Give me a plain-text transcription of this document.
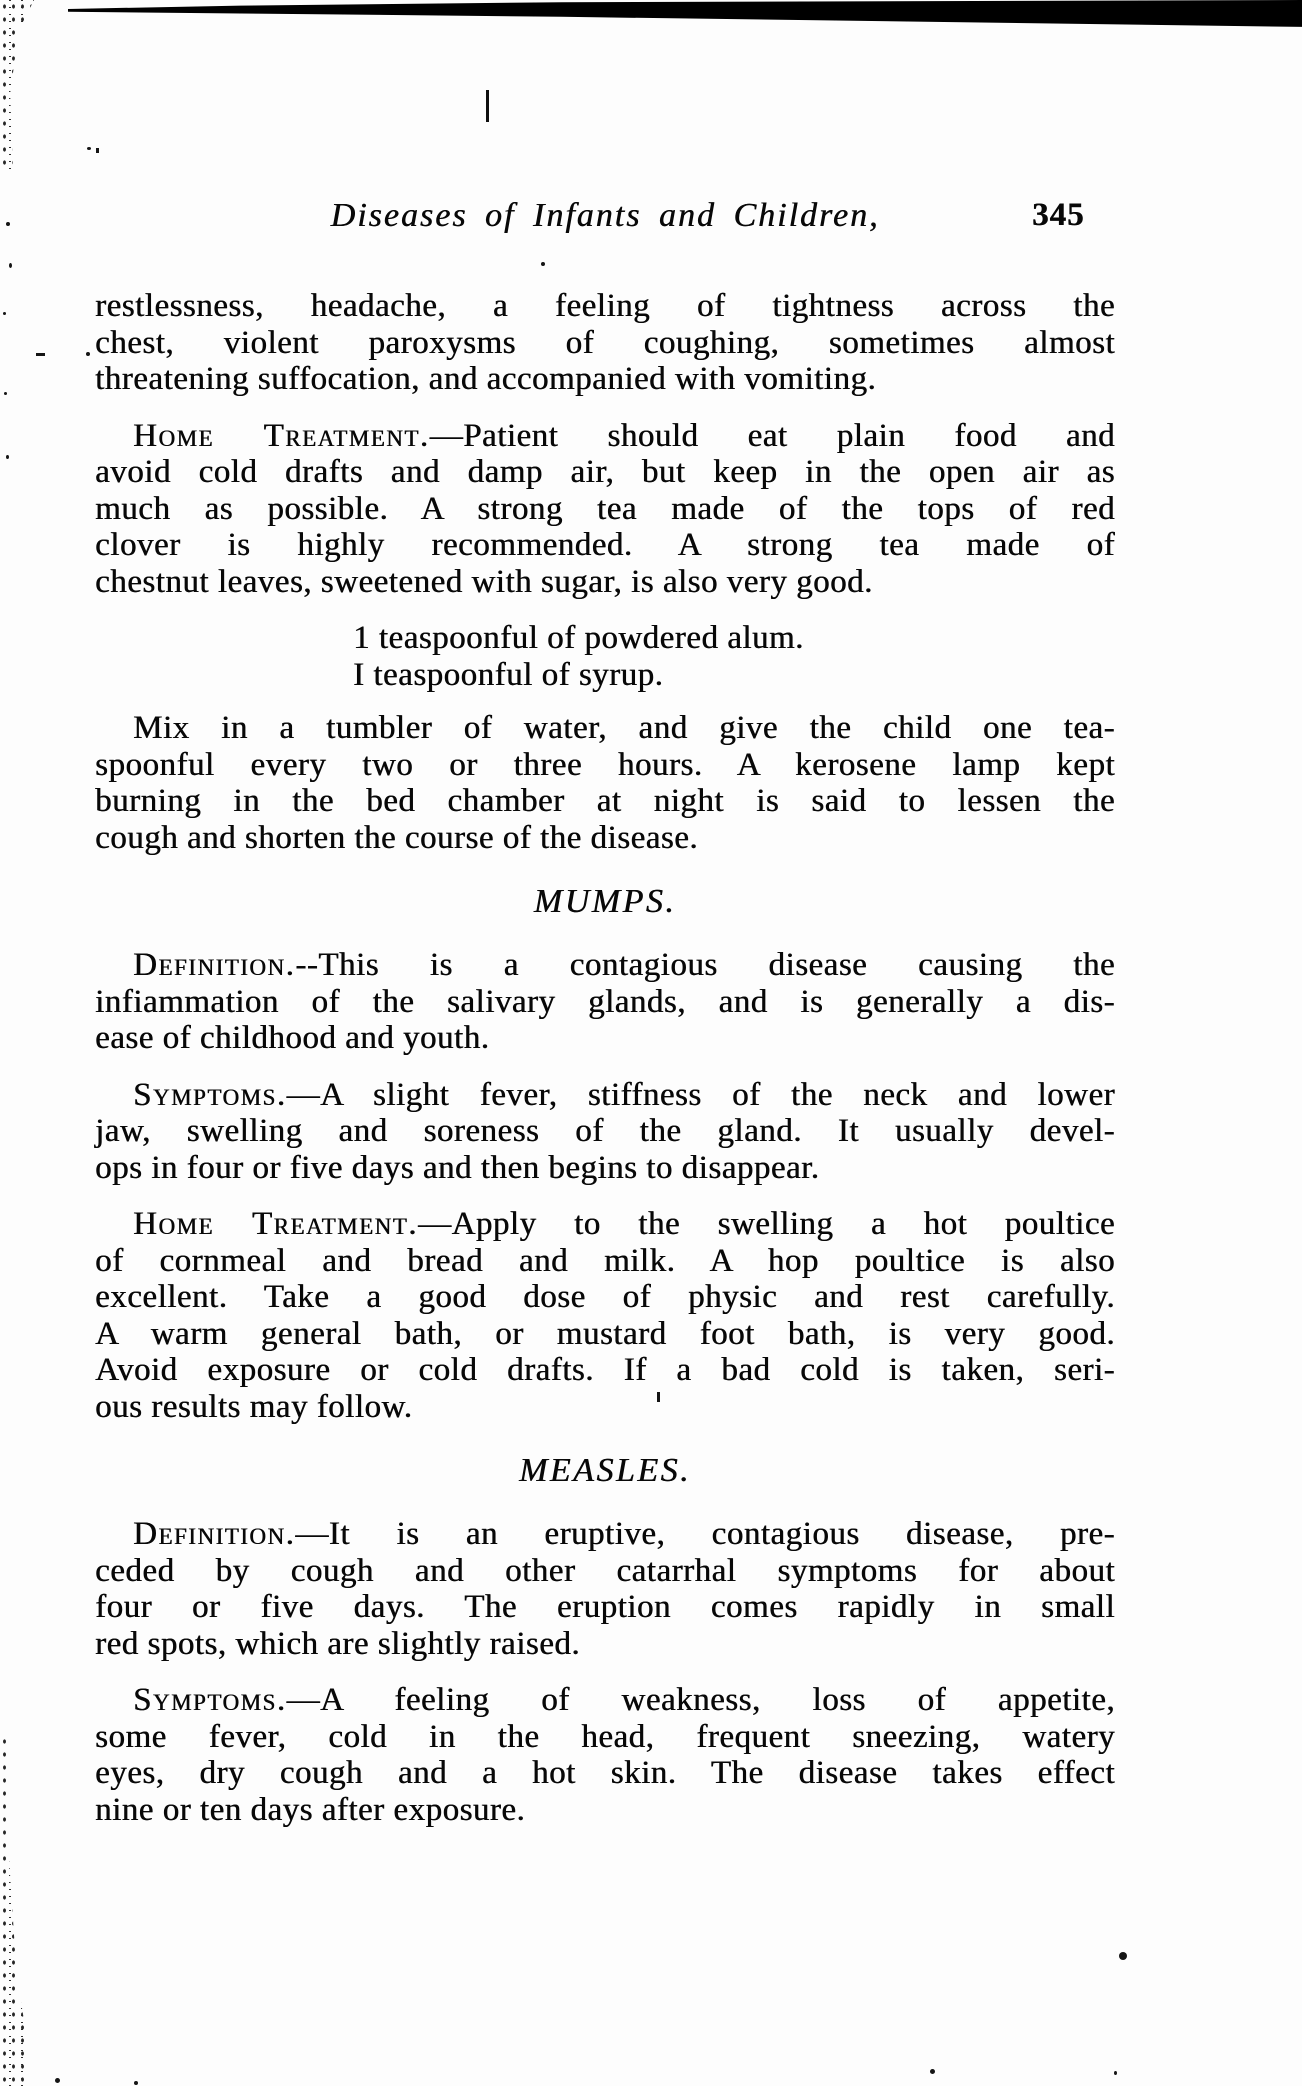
Diseases of Infants and Children,	345
restlessness, headache, a feeling of tightness across the
chest, violent paroxysms of coughing, sometimes almost
threatening suffocation, and accompanied with vomiting.
Home Treatment.—Patient should eat plain food and
avoid cold drafts and damp air, but keep in the open air as
much as possible. A strong tea made of the tops of red
clover is highly recommended. A strong tea made of
chestnut leaves, sweetened with sugar, is also very good.
1 teaspoonful of powdered alum.
I teaspoonful of syrup.
Mix in a tumbler of water, and give the child one tea-
spoonful every two or three hours. A kerosene lamp kept
burning in the bed chamber at night is said to lessen the
cough and shorten the course of the disease.
MUMPS.
Definition.--This is a contagious disease causing the
infiammation of the salivary glands, and is generally a dis-
ease of childhood and youth.
Symptoms.—A slight fever, stiffness of the neck and lower
jaw, swelling and soreness of the gland. It usually devel-
ops in four or five days and then begins to disappear.
Home Treatment.—Apply to the swelling a hot poultice
of cornmeal and bread and milk. A hop poultice is also
excellent. Take a good dose of physic and rest carefully.
A warm general bath, or mustard foot bath, is very good.
Avoid exposure or cold drafts. If a bad cold is taken, seri-
ous results may follow.
MEASLES.
Definition.—It is an eruptive, contagious disease, pre-
ceded by cough and other catarrhal symptoms for about
four or five days. The eruption comes rapidly in small
red spots, which are slightly raised.
Symptoms.—A feeling of weakness, loss of appetite,
some fever, cold in the head, frequent sneezing, watery
eyes, dry cough and a hot skin. The disease takes effect
nine or ten days after exposure.
